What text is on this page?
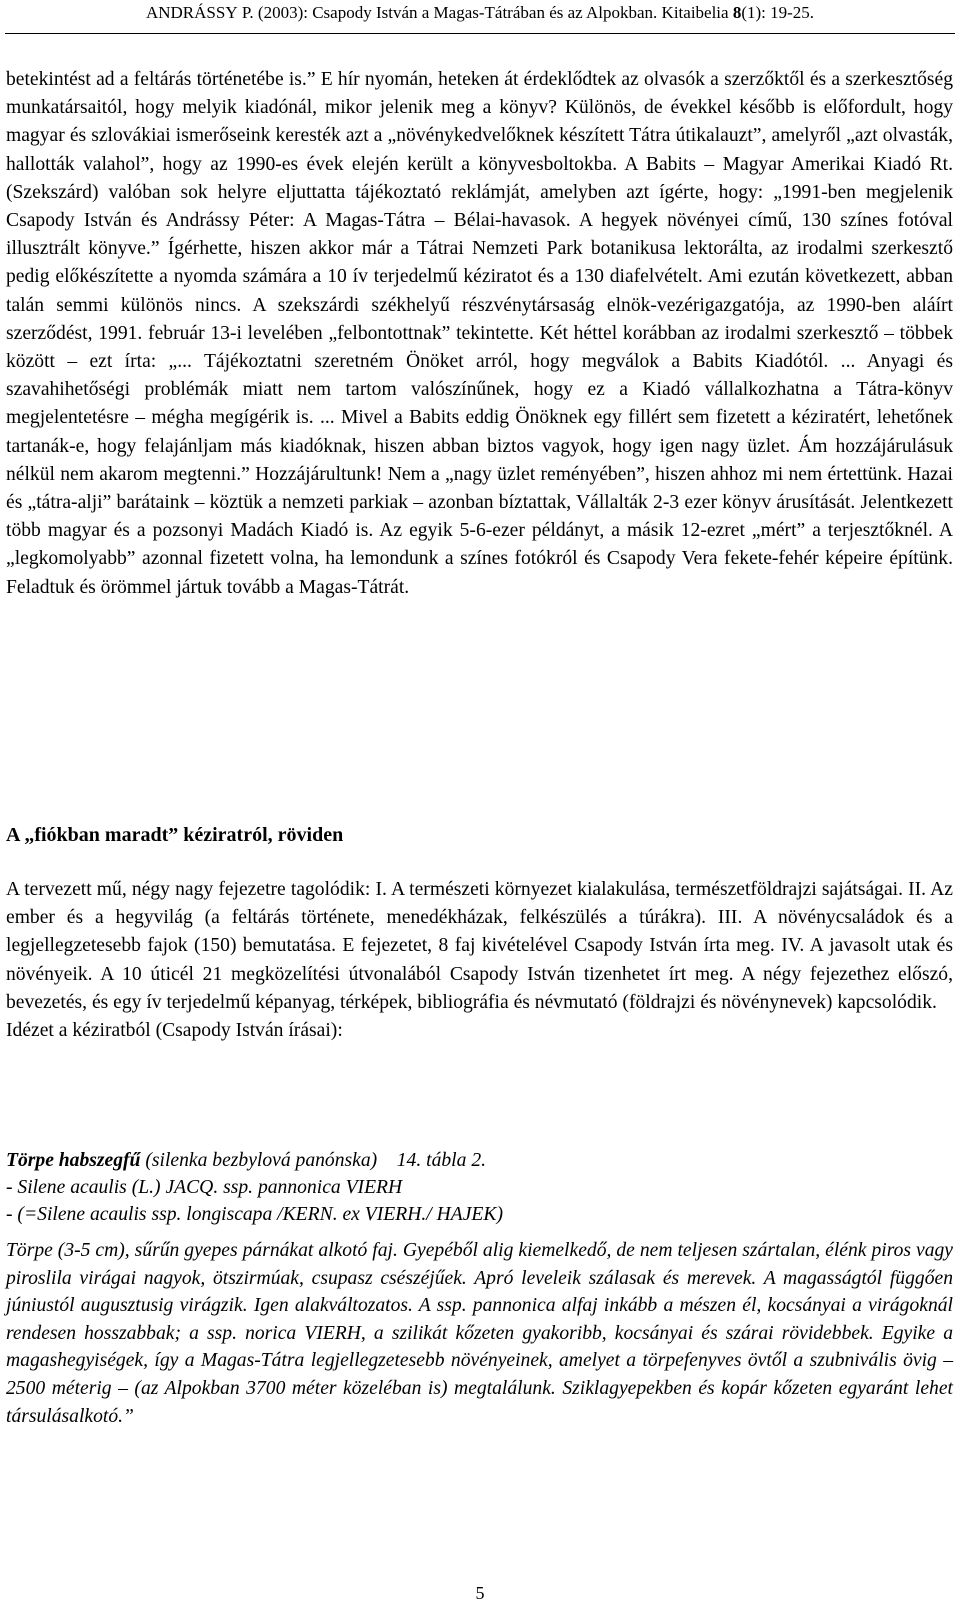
ANDRÁSSY P. (2003): Csapody István a Magas-Tátrában és az Alpokban. Kitaibelia 8(1): 19-25.

betekintést ad a feltárás történetébe is.” E hír nyomán, heteken át érdeklődtek az olvasók a szerzőktől és a szerkesztőség munkatársaitól, hogy melyik kiadónál, mikor jelenik meg a könyv? Különös, de évekkel később is előfordult, hogy magyar és szlovákiai ismerőseink keresték azt a „növénykedvelőknek készített Tátra útikalauzt”, amelyről „azt olvasták, hallották valahol”, hogy az 1990-es évek elején került a könyvesboltokba. A Babits – Magyar Amerikai Kiadó Rt. (Szekszárd) valóban sok helyre eljuttatta tájékoztató reklámját, amelyben azt ígérte, hogy: „1991-ben megjelenik Csapody István és Andrássy Péter: A Magas-Tátra – Bélai-havasok. A hegyek növényei című, 130 színes fotóval illusztrált könyve.” Ígérhette, hiszen akkor már a Tátrai Nemzeti Park botanikusa lektorálta, az irodalmi szerkesztő pedig előkészítette a nyomda számára a 10 ív terjedelmű kéziratot és a 130 diafelvételt. Ami ezután következett, abban talán semmi különös nincs. A szekszárdi székhelyű részvénytársaság elnök-vezérigazgatója, az 1990-ben aláírt szerződést, 1991. február 13-i levelében „felbontottnak” tekintette. Két héttel korábban az irodalmi szerkesztő – többek között – ezt írta: „... Tájékoztatni szeretném Önöket arról, hogy megválok a Babits Kiadótól. ... Anyagi és szavahihetőségi problémák miatt nem tartom valószínűnek, hogy ez a Kiadó vállalkozhatna a Tátra-könyv megjelentetésre – mégha megígérik is. ... Mivel a Babits eddig Önöknek egy fillért sem fizetett a kéziratért, lehetőnek tartanák-e, hogy felajánljam más kiadóknak, hiszen abban biztos vagyok, hogy igen nagy üzlet. Ám hozzájárulásuk nélkül nem akarom megtenni.” Hozzájárultunk! Nem a „nagy üzlet reményében”, hiszen ahhoz mi nem értettünk. Hazai és „tátra-alji” barátaink – köztük a nemzeti parkiak – azonban bíztattak, Vállalták 2-3 ezer könyv árusítását. Jelentkezett több magyar és a pozsonyi Madách Kiadó is. Az egyik 5-6-ezer példányt, a másik 12-ezret „mért” a terjesztőknél. A „legkomolyabb” azonnal fizetett volna, ha lemondunk a színes fotókról és Csapody Vera fekete-fehér képeire építünk. Feladtuk és örömmel jártuk tovább a Magas-Tátrát.

A „fiókban maradt” kéziratról, röviden

A tervezett mű, négy nagy fejezetre tagolódik: I. A természeti környezet kialakulása, természetföldrajzi sajátságai. II. Az ember és a hegyvilág (a feltárás története, menedékházak, felkészülés a túrákra). III. A növénycsaládok és a legjellegzetesebb fajok (150) bemutatása. E fejezetet, 8 faj kivételével Csapody István írta meg. IV. A javasolt utak és növényeik. A 10 úticél 21 megközelítési útvonalából Csapody István tizenhetet írt meg. A négy fejezethez előszó, bevezetés, és egy ív terjedelmű képanyag, térképek, bibliográfia és névmutató (földrajzi és növénynevek) kapcsolódik.

Idézet a kéziratból (Csapody István írásai):

Törpe habszegfű (silenka bezbylová panónska) 14. tábla 2.
- Silene acaulis (L.) JACQ. ssp. pannonica VIERH
- (=Silene acaulis ssp. longiscapa /KERN. ex VIERH./ HAJEK)
Törpe (3-5 cm), sűrűn gyepes párnákat alkotó faj. Gyepéből alig kiemelkedő, de nem teljesen szártalan, élénk piros vagy piroslila virágai nagyok, ötszirmúak, csupasz csészéjűek. Apró leveleik szálasak és merevek. A magasságtól függően júniustól augusztusig virágzik. Igen alakváltozatos. A ssp. pannonica alfaj inkább a mészen él, kocsányai a virágoknál rendesen hosszabbak; a ssp. norica VIERH, a szilikát kőzeten gyakoribb, kocsányai és szárai rövidebbek. Egyike a magashegyiségek, így a Magas-Tátra legjellegzetesebb növényeinek, amelyet a törpefenyves övtől a szubnivális övig – 2500 méterig – (az Alpokban 3700 méter közeléban is) megtalálunk. Sziklagyepekben és kopár kőzeten egyaránt lehet társulásalkotó.”
5
